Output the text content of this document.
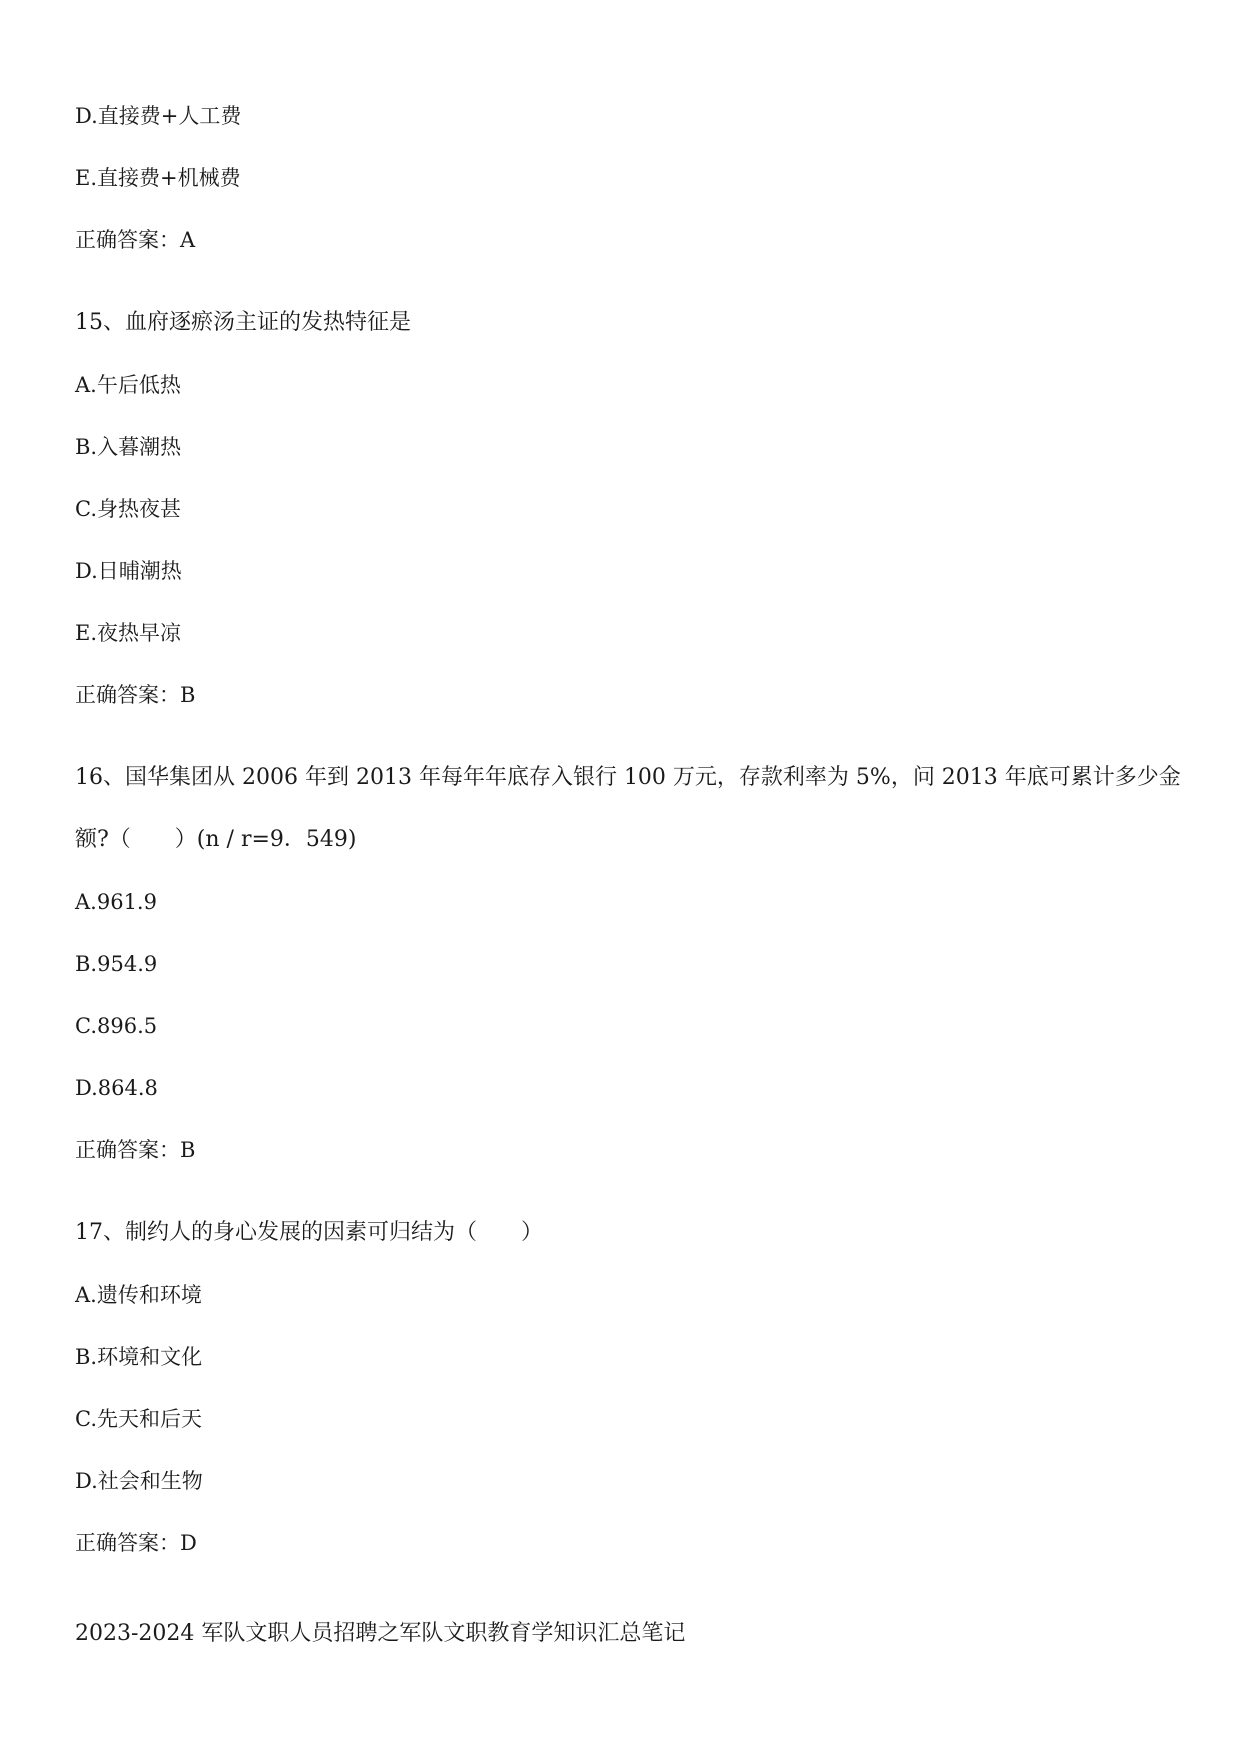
D.直接费+人工费
E.直接费+机械费
正确答案：A
15、血府逐瘀汤主证的发热特征是
A.午后低热
B.入暮潮热
C.身热夜甚
D.日晡潮热
E.夜热早凉
正确答案：B
16、国华集团从 2006 年到 2013 年每年年底存入银行 100 万元，存款利率为 5%，问 2013 年底可累计多少金
额?（　　）(n / r=9．549)
A.961.9
B.954.9
C.896.5
D.864.8
正确答案：B
17、制约人的身心发展的因素可归结为（　　）
A.遗传和环境
B.环境和文化
C.先天和后天
D.社会和生物
正确答案：D
2023-2024 军队文职人员招聘之军队文职教育学知识汇总笔记
